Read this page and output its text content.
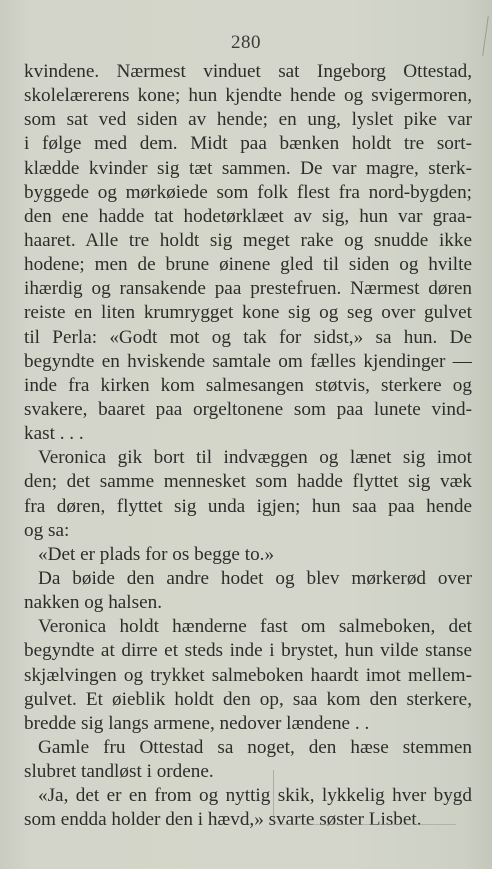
280
kvindene. Nærmest vinduet sat Ingeborg Ottestad,
skolelærerens kone; hun kjendte hende og svigermoren,
som sat ved siden av hende; en ung, lyslet pike var
i følge med dem. Midt paa bænken holdt tre sort-
klædde kvinder sig tæt sammen. De var magre, sterk-
byggede og mørkøiede som folk flest fra nord-bygden;
den ene hadde tat hodetørklæet av sig, hun var graa-
haaret. Alle tre holdt sig meget rake og snudde ikke
hodene; men de brune øinene gled til siden og hvilte
ihærdig og ransakende paa prestefruen. Nærmest døren
reiste en liten krumrygget kone sig og seg over gulvet
til Perla: «Godt mot og tak for sidst,» sa hun. De
begyndte en hviskende samtale om fælles kjendinger —
inde fra kirken kom salmesangen støtvis, sterkere og
svakere, baaret paa orgeltonene som paa lunete vind-
kast . . .
Veronica gik bort til indvæggen og lænet sig imot
den; det samme mennesket som hadde flyttet sig væk
fra døren, flyttet sig unda igjen; hun saa paa hende
og sa:
«Det er plads for os begge to.»
Da bøide den andre hodet og blev mørkerød over
nakken og halsen.
Veronica holdt hænderne fast om salmeboken, det
begyndte at dirre et steds inde i brystet, hun vilde stanse
skjælvingen og trykket salmeboken haardt imot mellem-
gulvet. Et øieblik holdt den op, saa kom den sterkere,
bredde sig langs armene, nedover lændene . .
Gamle fru Ottestad sa noget, den hæse stemmen
slubret tandløst i ordene.
«Ja, det er en from og nyttig skik, lykkelig hver bygd
som endda holder den i hævd,» svarte søster Lisbet.
